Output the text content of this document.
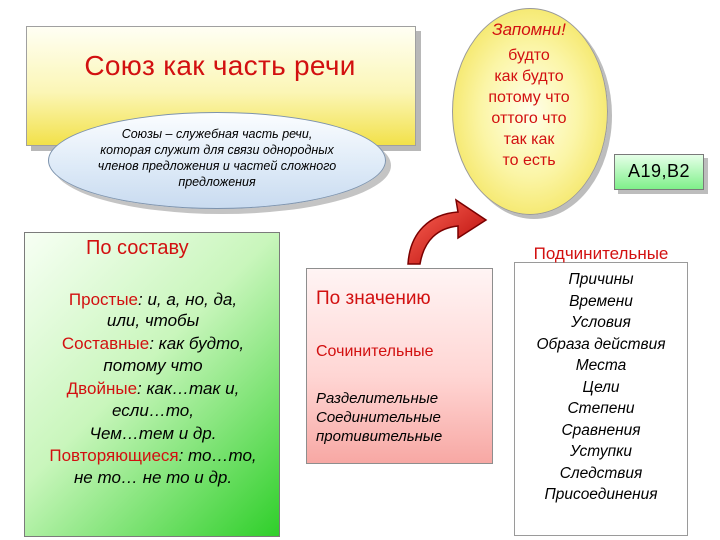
Союз как часть речи
Союзы – служебная часть речи,
которая служит для связи однородных
членов предложения и частей сложного
предложения
Запомни!
будто
как будто
потому что
оттого что
так как
то есть
А19,В2
По составу
Простые: и, а, но, да,
или, чтобы
Составные: как будто,
потому что
Двойные: как…так и,
если…то,
Чем…тем и др.
Повторяющиеся: то…то,
не то… не то и др.
По значению
Сочинительные
Разделительные
Соединительные
противительные
Подчинительные
Причины
Времени
Условия
Образа действия
Места
Цели
Степени
Сравнения
Уступки
Следствия
Присоединения
